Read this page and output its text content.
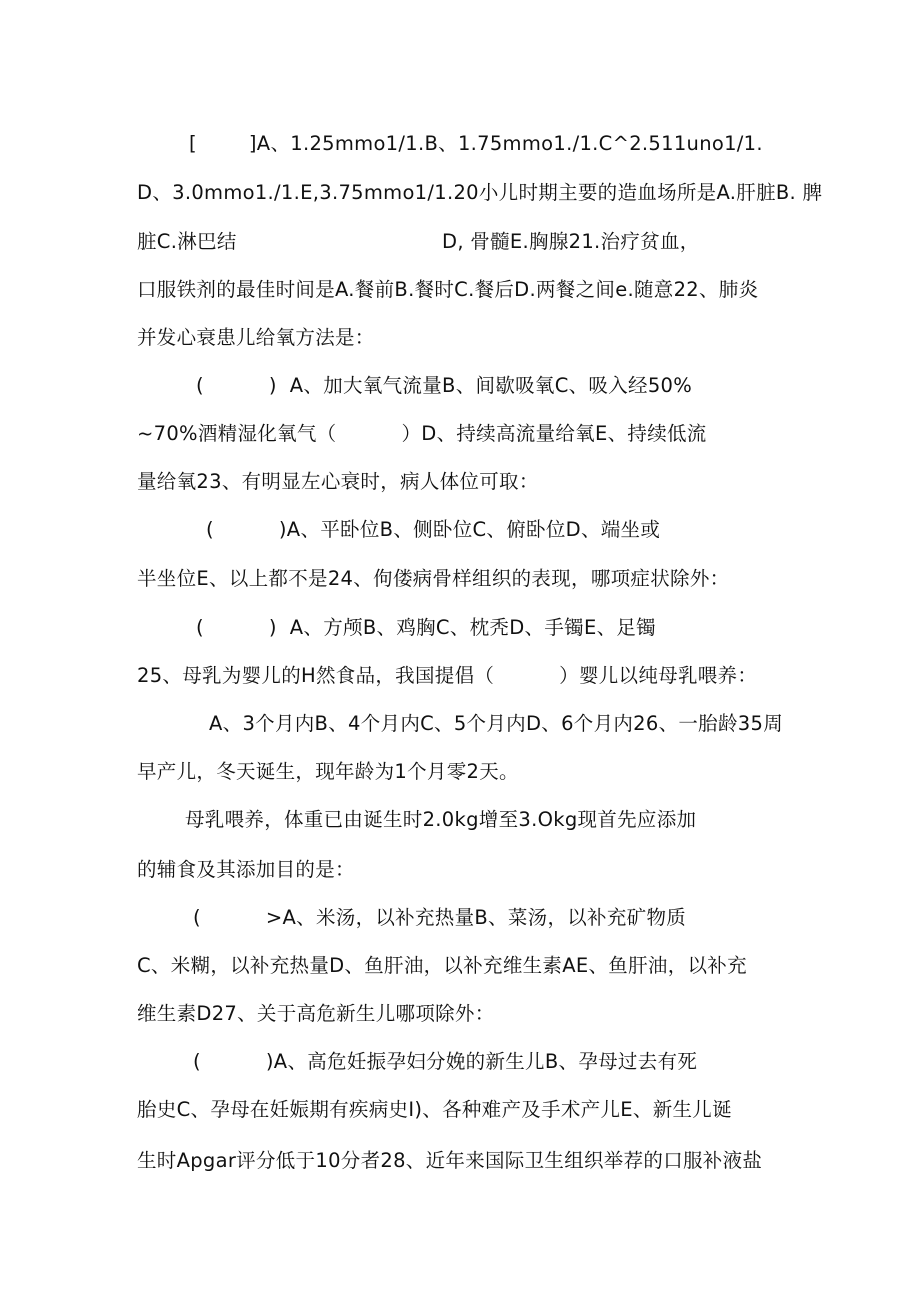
[        ]A、1.25mmo1/1.B、1.75mmo1./1.C^2.511uno1/1.
D、3.0mmo1./1.E,3.75mmo1/1.20小儿时期主要的造血场所是A.肝脏B. 脾
脏C.淋巴结	D, 骨髓E.胸腺21.治疗贫血，
口服铁剂的最佳时间是A.餐前B.餐时C.餐后D.两餐之间e.随意22、肺炎
并发心衰患儿给氧方法是：
(          )  A、加大氧气流量B、间歇吸氧C、吸入经50%
~70%酒精湿化氧气（          ）D、持续高流量给氧E、持续低流
量给氧23、有明显左心衰时，病人体位可取：
(          )A、平卧位B、侧卧位C、俯卧位D、端坐或
半坐位E、以上都不是24、佝偻病骨样组织的表现，哪项症状除外：
(          )  A、方颅B、鸡胸C、枕秃D、手镯E、足镯
25、母乳为婴儿的H然食品，我国提倡（          ）婴儿以纯母乳喂养：
A、3个月内B、4个月内C、5个月内D、6个月内26、一胎龄35周
早产儿，冬天诞生，现年龄为1个月零2天。
母乳喂养，体重已由诞生时2.0kg增至3.Okg现首先应添加
的辅食及其添加目的是：
(          >A、米汤，以补充热量B、菜汤，以补充矿物质
C、米糊，以补充热量D、鱼肝油，以补充维生素AE、鱼肝油，以补充
维生素D27、关于高危新生儿哪项除外：
(          )A、高危妊振孕妇分娩的新生儿B、孕母过去有死
胎史C、孕母在妊娠期有疾病史I)、各种难产及手术产儿E、新生儿诞
生时Apgar评分低于10分者28、近年来国际卫生组织举荐的口服补液盐
